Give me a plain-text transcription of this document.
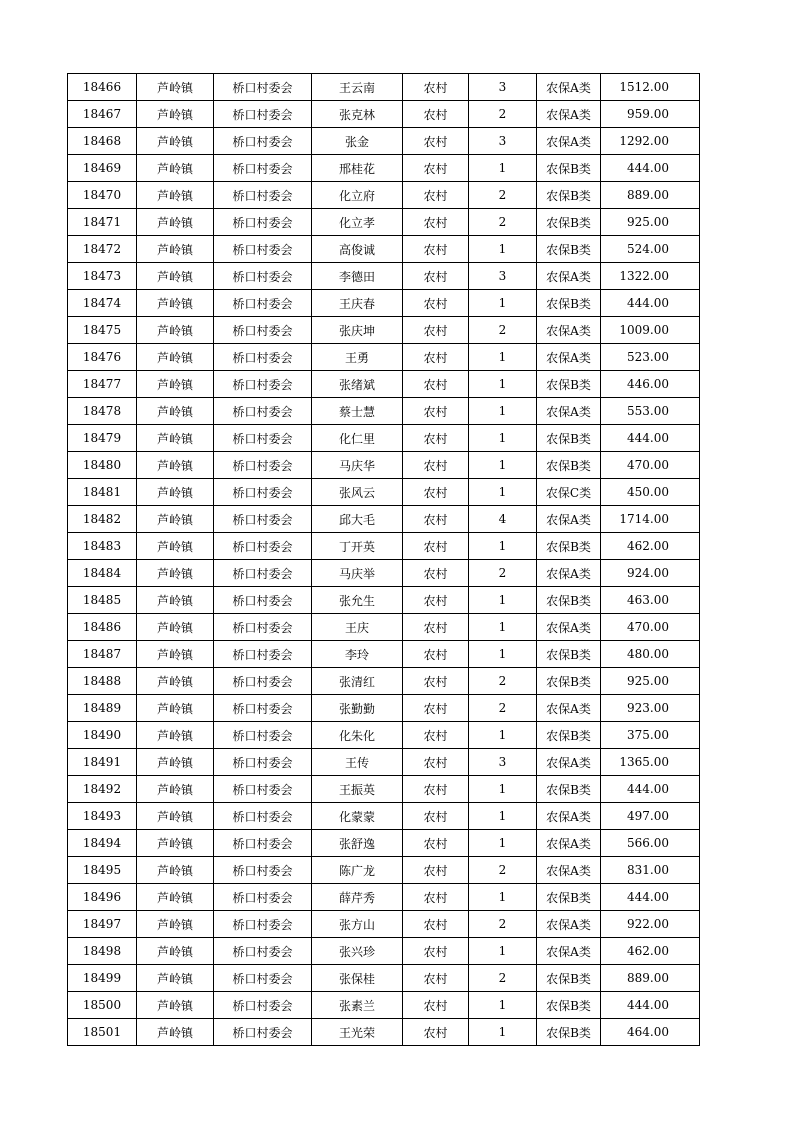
18466	芦岭镇	桥口村委会	王云南	农村	3	农保A类	1512.00
18467	芦岭镇	桥口村委会	张克林	农村	2	农保A类	959.00
18468	芦岭镇	桥口村委会	张金	农村	3	农保A类	1292.00
18469	芦岭镇	桥口村委会	邢桂花	农村	1	农保B类	444.00
18470	芦岭镇	桥口村委会	化立府	农村	2	农保B类	889.00
18471	芦岭镇	桥口村委会	化立孝	农村	2	农保B类	925.00
18472	芦岭镇	桥口村委会	高俊诚	农村	1	农保B类	524.00
18473	芦岭镇	桥口村委会	李德田	农村	3	农保A类	1322.00
18474	芦岭镇	桥口村委会	王庆春	农村	1	农保B类	444.00
18475	芦岭镇	桥口村委会	张庆坤	农村	2	农保A类	1009.00
18476	芦岭镇	桥口村委会	王勇	农村	1	农保A类	523.00
18477	芦岭镇	桥口村委会	张绪斌	农村	1	农保B类	446.00
18478	芦岭镇	桥口村委会	蔡士慧	农村	1	农保A类	553.00
18479	芦岭镇	桥口村委会	化仁里	农村	1	农保B类	444.00
18480	芦岭镇	桥口村委会	马庆华	农村	1	农保B类	470.00
18481	芦岭镇	桥口村委会	张风云	农村	1	农保C类	450.00
18482	芦岭镇	桥口村委会	邱大毛	农村	4	农保A类	1714.00
18483	芦岭镇	桥口村委会	丁开英	农村	1	农保B类	462.00
18484	芦岭镇	桥口村委会	马庆举	农村	2	农保A类	924.00
18485	芦岭镇	桥口村委会	张允生	农村	1	农保B类	463.00
18486	芦岭镇	桥口村委会	王庆	农村	1	农保A类	470.00
18487	芦岭镇	桥口村委会	李玲	农村	1	农保B类	480.00
18488	芦岭镇	桥口村委会	张清红	农村	2	农保B类	925.00
18489	芦岭镇	桥口村委会	张勤勤	农村	2	农保A类	923.00
18490	芦岭镇	桥口村委会	化朱化	农村	1	农保B类	375.00
18491	芦岭镇	桥口村委会	王传	农村	3	农保A类	1365.00
18492	芦岭镇	桥口村委会	王振英	农村	1	农保B类	444.00
18493	芦岭镇	桥口村委会	化蒙蒙	农村	1	农保A类	497.00
18494	芦岭镇	桥口村委会	张舒逸	农村	1	农保A类	566.00
18495	芦岭镇	桥口村委会	陈广龙	农村	2	农保A类	831.00
18496	芦岭镇	桥口村委会	薛芹秀	农村	1	农保B类	444.00
18497	芦岭镇	桥口村委会	张方山	农村	2	农保A类	922.00
18498	芦岭镇	桥口村委会	张兴珍	农村	1	农保A类	462.00
18499	芦岭镇	桥口村委会	张保桂	农村	2	农保B类	889.00
18500	芦岭镇	桥口村委会	张素兰	农村	1	农保B类	444.00
18501	芦岭镇	桥口村委会	王光荣	农村	1	农保B类	464.00
